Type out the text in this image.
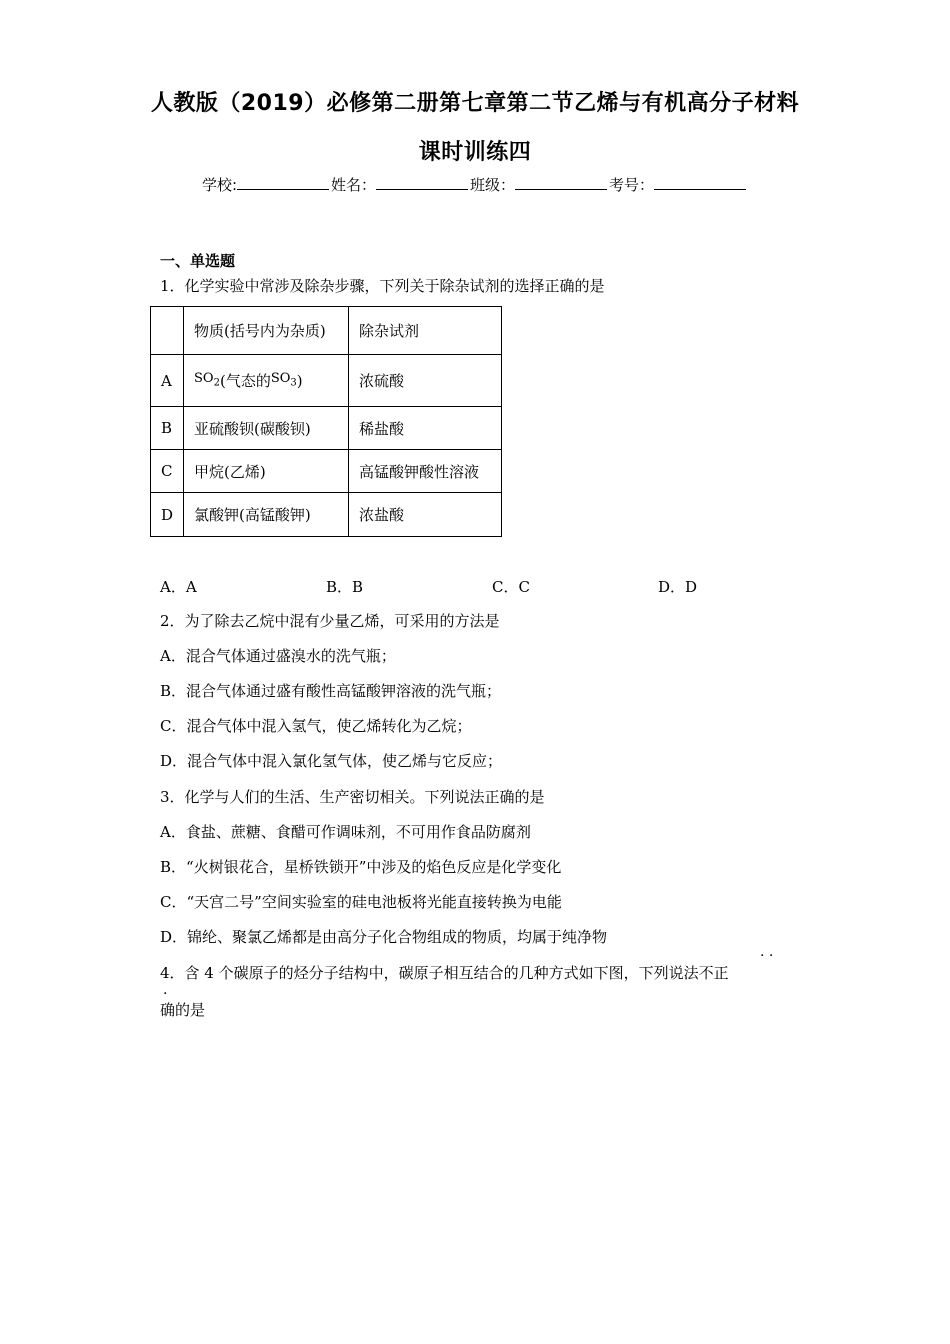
人教版（2019）必修第二册第七章第二节乙烯与有机高分子材料
课时训练四
学校:	姓名：	班级：	考号：
一、单选题
1．化学实验中常涉及除杂步骤，下列关于除杂试剂的选择正确的是
	物质(括号内为杂质)	除杂试剂
A	$SO_2$(气态的$SO_3$)	浓硫酸
B	亚硫酸钡(碳酸钡)	稀盐酸
C	甲烷(乙烯)	高锰酸钾酸性溶液
D	氯酸钾(高锰酸钾)	浓盐酸
A．A	B．B	C．C	D．D
2．为了除去乙烷中混有少量乙烯，可采用的方法是
A．混合气体通过盛溴水的洗气瓶；
B．混合气体通过盛有酸性高锰酸钾溶液的洗气瓶；
C．混合气体中混入氢气，使乙烯转化为乙烷；
D．混合气体中混入氯化氢气体，使乙烯与它反应；
3．化学与人们的生活、生产密切相关。下列说法正确的是
A．食盐、蔗糖、食醋可作调味剂，不可用作食品防腐剂
B．“火树银花合，星桥铁锁开”中涉及的焰色反应是化学变化
C．“天宫二号”空间实验室的硅电池板将光能直接转换为电能
D．锦纶、聚氯乙烯都是由高分子化合物组成的物质，均属于纯净物
. .
4．含 4 个碳原子的烃分子结构中，碳原子相互结合的几种方式如下图，下列说法不正
.
确的是
